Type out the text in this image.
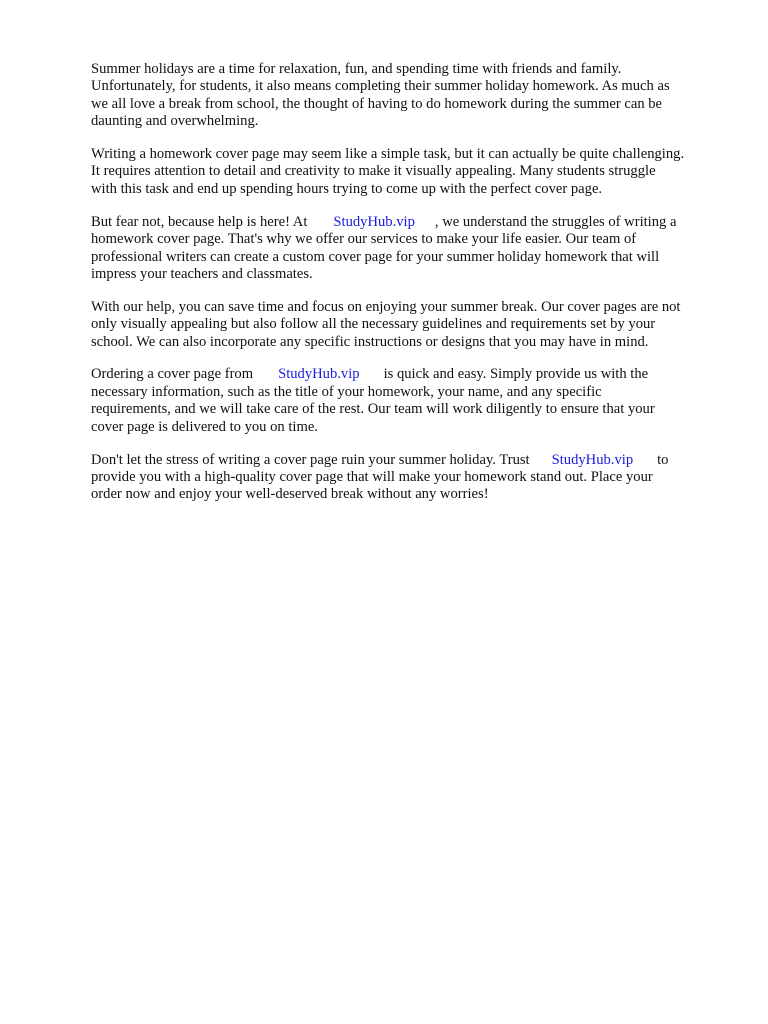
Summer holidays are a time for relaxation, fun, and spending time with friends and family.
Unfortunately, for students, it also means completing their summer holiday homework. As much as
we all love a break from school, the thought of having to do homework during the summer can be
daunting and overwhelming.

Writing a homework cover page may seem like a simple task, but it can actually be quite challenging.
It requires attention to detail and creativity to make it visually appealing. Many students struggle
with this task and end up spending hours trying to come up with the perfect cover page.

But fear not, because help is here! At StudyHub.vip , we understand the struggles of writing a
homework cover page. That's why we offer our services to make your life easier. Our team of
professional writers can create a custom cover page for your summer holiday homework that will
impress your teachers and classmates.

With our help, you can save time and focus on enjoying your summer break. Our cover pages are not
only visually appealing but also follow all the necessary guidelines and requirements set by your
school. We can also incorporate any specific instructions or designs that you may have in mind.

Ordering a cover page from StudyHub.vip is quick and easy. Simply provide us with the
necessary information, such as the title of your homework, your name, and any specific
requirements, and we will take care of the rest. Our team will work diligently to ensure that your
cover page is delivered to you on time.

Don't let the stress of writing a cover page ruin your summer holiday. Trust StudyHub.vip to
provide you with a high-quality cover page that will make your homework stand out. Place your
order now and enjoy your well-deserved break without any worries!
